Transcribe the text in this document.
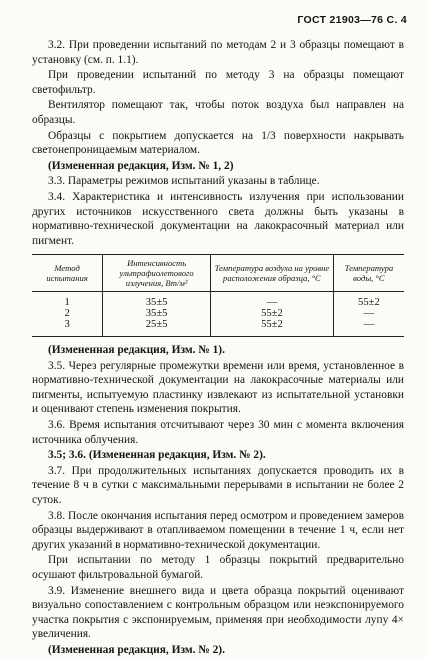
ГОСТ 21903—76 С. 4

3.2. При проведении испытаний по методам 2 и 3 образцы помещают в установку (см. п. 1.1).

При проведении испытаний по методу 3 на образцы помещают светофильтр.

Вентилятор помещают так, чтобы поток воздуха был направлен на образцы.

Образцы с покрытием допускается на 1/3 поверхности накрывать светонепроницаемым материалом.

(Измененная редакция, Изм. № 1, 2)

3.3. Параметры режимов испытаний указаны в таблице.

3.4. Характеристика и интенсивность излучения при использовании других источников искусственного света должны быть указаны в нормативно-технической документации на лакокрасочный материал или пигмент.

Метод испытания	Интенсивность ультрафиолетового излучения, Вт/м²	Температура воздуха на уровне расположения образца, °С	Температура воды, °С
1	35±5	—	55±2
2	35±5	55±2	—
3	25±5	55±2	—

(Измененная редакция, Изм. № 1).

3.5. Через регулярные промежутки времени или время, установленное в нормативно-технической документации на лакокрасочные материалы или пигменты, испытуемую пластинку извлекают из испытательной установки и оценивают степень изменения покрытия.

3.6. Время испытания отсчитывают через 30 мин с момента включения источника облучения.

3.5; 3.6. (Измененная редакция, Изм. № 2).

3.7. При продолжительных испытаниях допускается проводить их в течение 8 ч в сутки с максимальными перерывами в испытании не более 2 суток.

3.8. После окончания испытания перед осмотром и проведением замеров образцы выдерживают в отапливаемом помещении в течение 1 ч, если нет других указаний в нормативно-технической документации.

При испытании по методу 1 образцы покрытий предварительно осушают фильтровальной бумагой.

3.9. Изменение внешнего вида и цвета образца покрытий оценивают визуально сопоставлением с контрольным образцом или неэкспонируемого участка покрытия с экспонируемым, применяя при необходимости лупу 4× увеличения.

(Измененная редакция, Изм. № 2).
